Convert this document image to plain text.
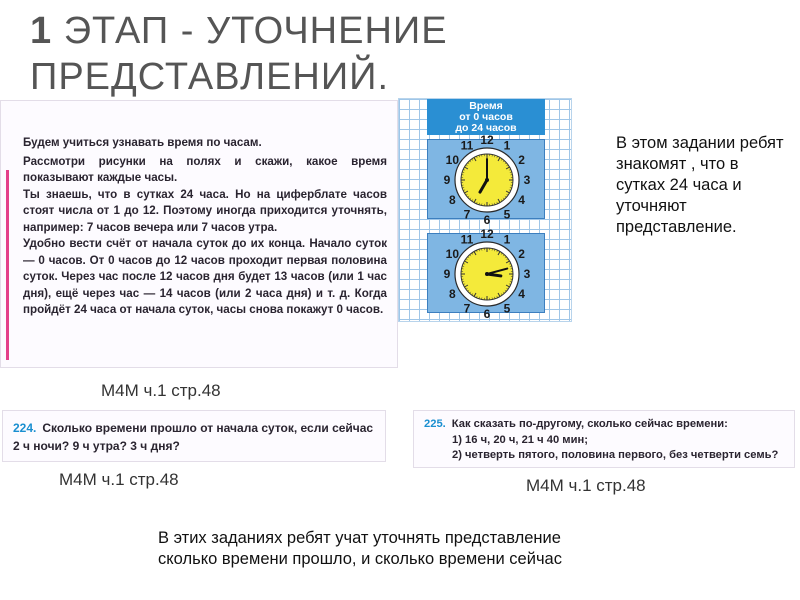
1 ЭТАП - УТОЧНЕНИЕ
ПРЕДСТАВЛЕНИЙ.

Будем учиться узнавать время по часам.

Рассмотри рисунки на полях и скажи, какое время показывают каждые часы.

Ты знаешь, что в сутках 24 часа. Но на циферблате часов стоят числа от 1 до 12. Поэтому иногда приходится уточнять, например: 7 часов вечера или 7 часов утра.

Удобно вести счёт от начала суток до их конца. Начало суток — 0 часов. От 0 часов до 12 часов проходит первая половина суток. Через час после 12 часов дня будет 13 часов (или 1 час дня), ещё через час — 14 часов (или 2 часа дня) и т. д. Когда пройдёт 24 часа от начала суток, часы снова покажут 0 часов.

Время
от 0 часов
до 24 часов
12 1
2
3
4
5
6
7
8
9
10
11
12 1
2
3
4
5
6
7
8
9
10
11
В этом задании ребят знакомят , что в сутках 24 часа и уточняют представление.
М4М ч.1 стр.48
224. Сколько времени прошло от начала суток, если сейчас 2 ч ночи? 9 ч утра? 3 ч дня?
225. Как сказать по-другому, сколько сейчас времени:
1) 16 ч, 20 ч, 21 ч 40 мин;
2) четверть пятого, половина первого, без четверти семь?
М4М ч.1 стр.48	М4М ч.1 стр.48
В этих заданиях ребят учат уточнять представление сколько времени прошло, и сколько времени сейчас
